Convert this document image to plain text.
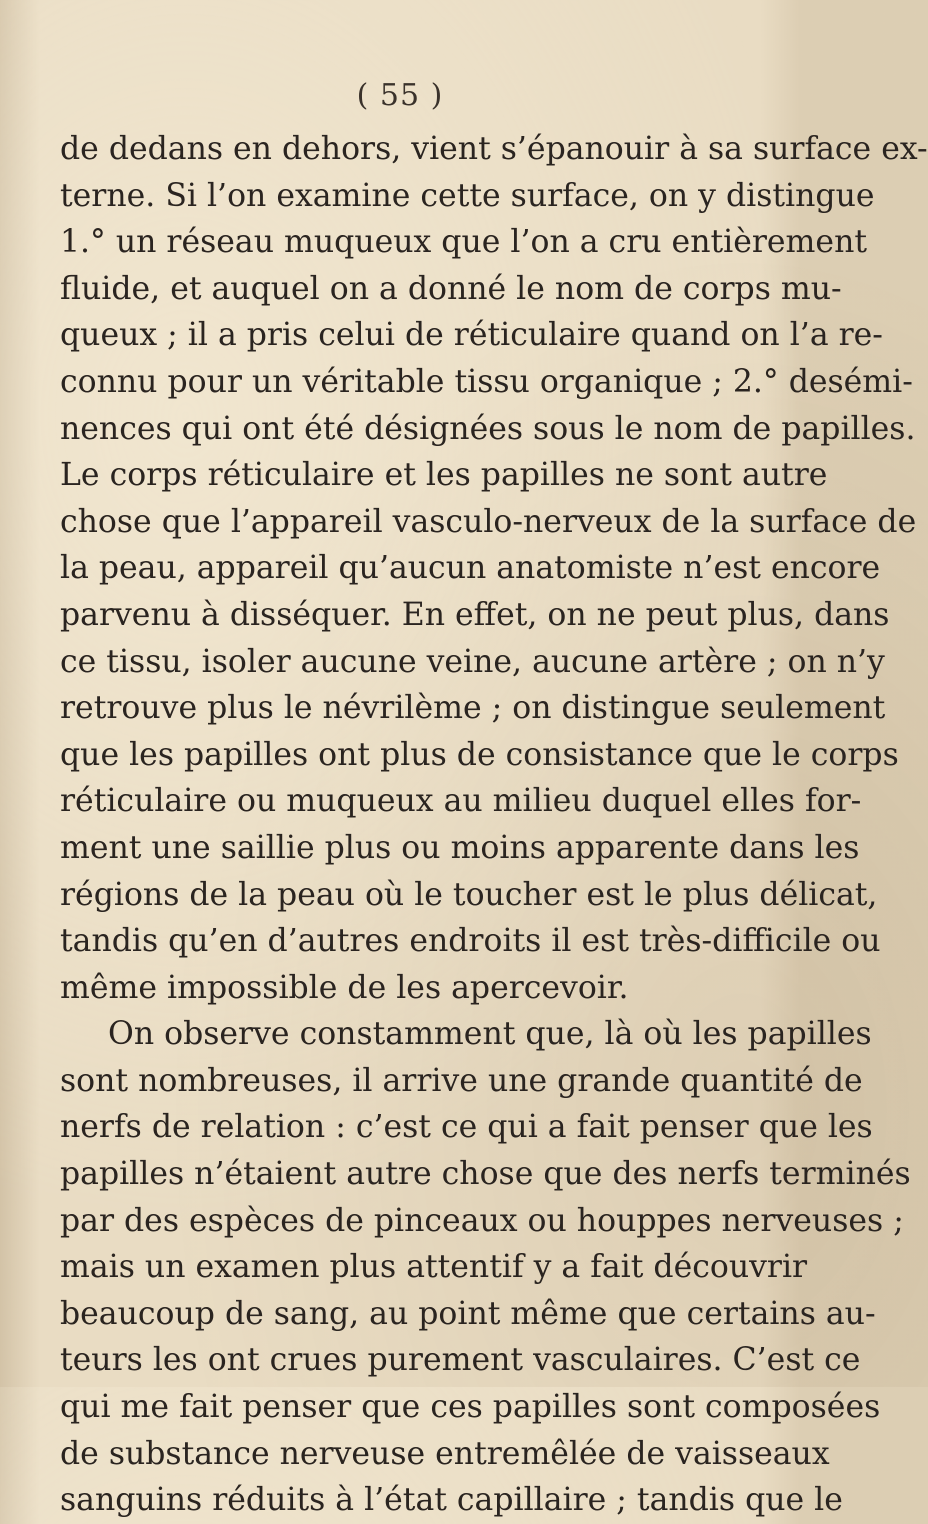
( 55 )
de dedans en dehors, vient s’épanouir à sa surface ex-
terne. Si l’on examine cette surface, on y distingue
1.° un réseau muqueux que l’on a cru entièrement
fluide, et auquel on a donné le nom de corps mu-
queux ; il a pris celui de réticulaire quand on l’a re-
connu pour un véritable tissu organique ; 2.° desémi-
nences qui ont été désignées sous le nom de papilles.
Le corps réticulaire et les papilles ne sont autre
chose que l’appareil vasculo-nerveux de la surface de
la peau, appareil qu’aucun anatomiste n’est encore
parvenu à disséquer. En effet, on ne peut plus, dans
ce tissu, isoler aucune veine, aucune artère ; on n’y
retrouve plus le névrilème ; on distingue seulement
que les papilles ont plus de consistance que le corps
réticulaire ou muqueux au milieu duquel elles for-
ment une saillie plus ou moins apparente dans les
régions de la peau où le toucher est le plus délicat,
tandis qu’en d’autres endroits il est très-difficile ou
même impossible de les apercevoir.
On observe constamment que, là où les papilles
sont nombreuses, il arrive une grande quantité de
nerfs de relation : c’est ce qui a fait penser que les
papilles n’étaient autre chose que des nerfs terminés
par des espèces de pinceaux ou houppes nerveuses ;
mais un examen plus attentif y a fait découvrir
beaucoup de sang, au point même que certains au-
teurs les ont crues purement vasculaires. C’est ce
qui me fait penser que ces papilles sont composées
de substance nerveuse entremêlée de vaisseaux
sanguins réduits à l’état capillaire ; tandis que le
